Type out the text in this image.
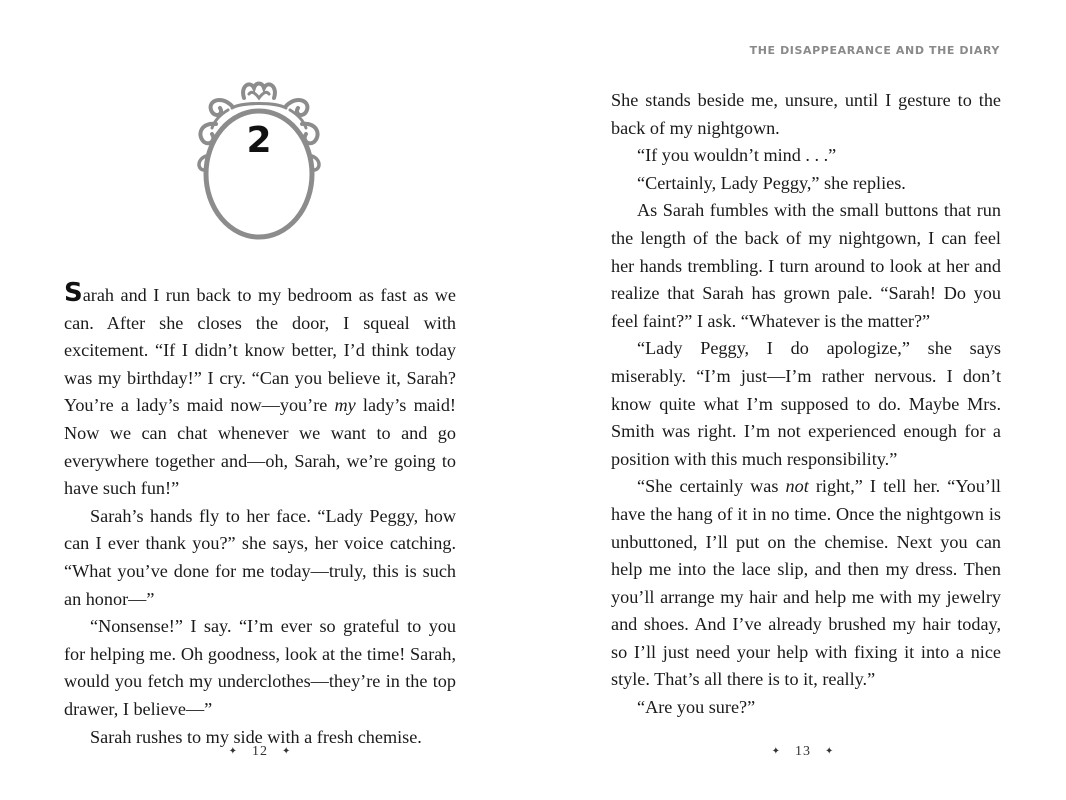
2

Sarah and I run back to my bedroom as fast as we can. After she closes the door, I squeal with excitement. “If I didn’t know better, I’d think today was my birthday!” I cry. “Can you believe it, Sarah? You’re a lady’s maid now—you’re my lady’s maid! Now we can chat whenever we want to and go everywhere together and—oh, Sarah, we’re going to have such fun!”

Sarah’s hands fly to her face. “Lady Peggy, how can I ever thank you?” she says, her voice catching. “What you’ve done for me today—truly, this is such an honor—”

“Nonsense!” I say. “I’m ever so grateful to you for helping me. Oh goodness, look at the time! Sarah, would you fetch my underclothes—they’re in the top drawer, I believe—”

Sarah rushes to my side with a fresh chemise.

✦ 12 ✦
THE DISAPPEARANCE AND THE DIARY

She stands beside me, unsure, until I gesture to the back of my nightgown.

“If you wouldn’t mind . . .”

“Certainly, Lady Peggy,” she replies.

As Sarah fumbles with the small buttons that run the length of the back of my nightgown, I can feel her hands trembling. I turn around to look at her and realize that Sarah has grown pale. “Sarah! Do you feel faint?” I ask. “Whatever is the matter?”

“Lady Peggy, I do apologize,” she says miserably. “I’m just—I’m rather nervous. I don’t know quite what I’m supposed to do. Maybe Mrs. Smith was right. I’m not experienced enough for a position with this much responsibility.”

“She certainly was not right,” I tell her. “You’ll have the hang of it in no time. Once the nightgown is unbuttoned, I’ll put on the chemise. Next you can help me into the lace slip, and then my dress. Then you’ll arrange my hair and help me with my jewelry and shoes. And I’ve already brushed my hair today, so I’ll just need your help with fixing it into a nice style. That’s all there is to it, really.”

“Are you sure?”

✦ 13 ✦
